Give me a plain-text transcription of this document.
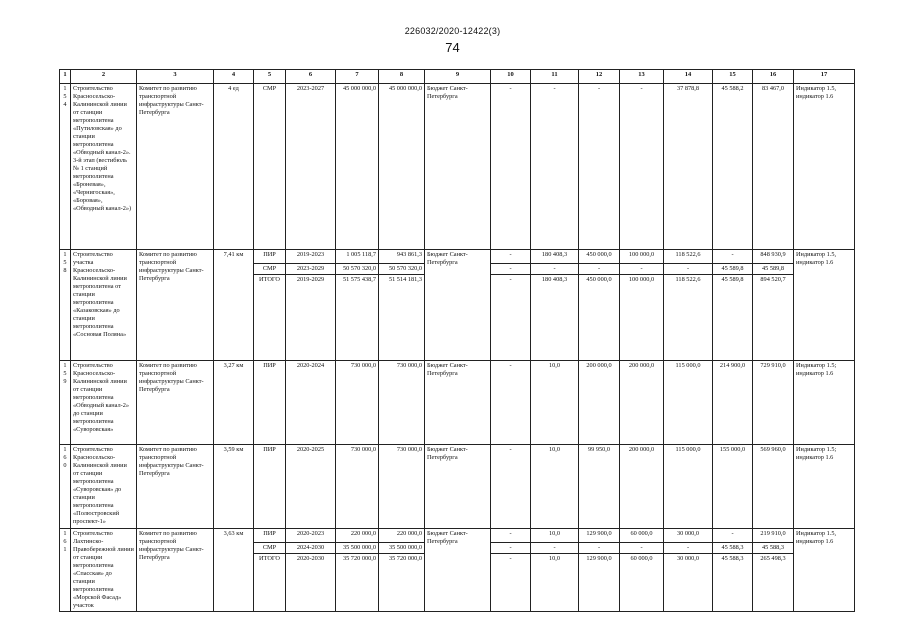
226032/2020-12422(3)
74
1	2	3	4	5	6	7	8	9	10	11	12	13	14	15	16	17
154	Строительство Красносельско-Калининской линии от станции метрополитена «Путиловская» до станции метрополитена «Обводный канал-2». 3-й этап (вестибюль № 1 станций метрополитена «Броневая», «Чернигоская», «Боровая», «Обводный канал-2»)	Комитет по развитию транспортной инфраструктуры Санкт-Петербурга	4 ед	СМР	2023-2027	45 000 000,0	45 000 000,0	Бюджет Санкт-Петербурга	-	-	-	-	37 878,8	45 588,2	83 467,0	Индикатор 1.5, индикатор 1.6
158	Строительство участка Красносельско-Калининской линии метрополитена от станции метрополитена «Казаковская» до станции метрополитена «Сосновая Поляна»	Комитет по развитию транспортной инфраструктуры Санкт-Петербурга	7,41 км	ПИР	2019-2023	1 005 118,7	943 861,3	Бюджет Санкт-Петербурга	-	180 408,3	450 000,0	100 000,0	118 522,6	-	848 930,9	Индикатор 1.5, индикатор 1.6
				СМР	2023-2029	50 570 320,0	50 570 320,0		-	-	-	-	-	45 589,8	45 589,8	
				ИТОГО	2019-2029	51 575 438,7	51 514 181,3		-	180 408,3	450 000,0	100 000,0	118 522,6	45 589,8	894 520,7	
159	Строительство Красносельско-Калининской линии от станции метрополитена «Обводный канал-2» до станции метрополитена «Суворовская»	Комитет по развитию транспортной инфраструктуры Санкт-Петербурга	3,27 км	ПИР	2020-2024	730 000,0	730 000,0	Бюджет Санкт-Петербурга	-	10,0	200 000,0	200 000,0	115 000,0	214 900,0	729 910,0	Индикатор 1.5; индикатор 1.6
160	Строительство Красносельско-Калининской линии от станции метрополитена «Суворовская» до станции метрополитена «Полюстровский проспект-1»	Комитет по развитию транспортной инфраструктуры Санкт-Петербурга	3,59 км	ПИР	2020-2025	730 000,0	730 000,0	Бюджет Санкт-Петербурга	-	10,0	99 950,0	200 000,0	115 000,0	155 000,0	569 960,0	Индикатор 1.5; индикатор 1.6
161	Строительство Лахтинско-Правобережной линии от станции метрополитена «Спасская» до станции метрополитена «Морской Фасад» участок	Комитет по развитию транспортной инфраструктуры Санкт-Петербурга	3,63 км	ПИР	2020-2023	220 000,0	220 000,0	Бюджет Санкт-Петербурга	-	10,0	129 900,0	60 000,0	30 000,0	-	219 910,0	Индикатор 1.5, индикатор 1.6
				СМР	2024-2030	35 500 000,0	35 500 000,0		-	-	-	-	-	45 588,3	45 588,3	
				ИТОГО	2020-2030	35 720 000,0	35 720 000,0		-	10,0	129 900,0	60 000,0	30 000,0	45 588,3	265 498,3	
